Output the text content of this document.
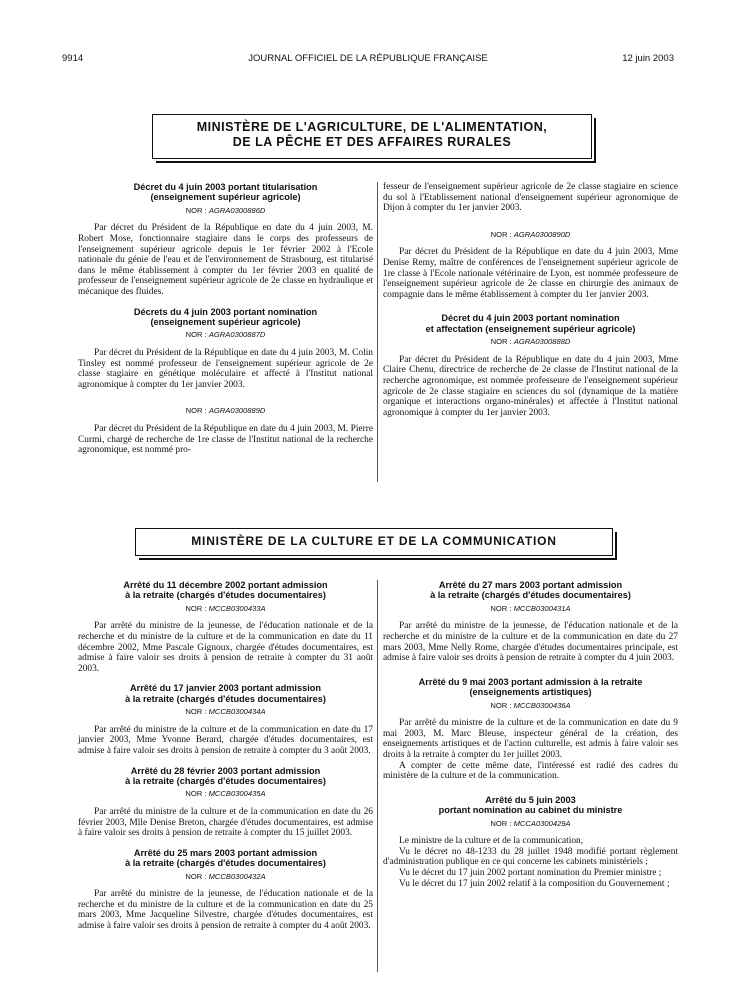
9914	JOURNAL OFFICIEL DE LA RÉPUBLIQUE FRANÇAISE	12 juin 2003
MINISTÈRE DE L'AGRICULTURE, DE L'ALIMENTATION,
DE LA PÊCHE ET DES AFFAIRES RURALES
Décret du 4 juin 2003 portant titularisation
(enseignement supérieur agricole)
NOR : AGRA0300886D

Par décret du Président de la République en date du 4 juin 2003, M. Robert Mose, fonctionnaire stagiaire dans le corps des professeurs de l'enseignement supérieur agricole depuis le 1er février 2002 à l'Ecole nationale du génie de l'eau et de l'environnement de Strasbourg, est titularisé dans le même établissement à compter du 1er février 2003 en qualité de professeur de l'enseignement supérieur agricole de 2e classe en hydraulique et mécanique des fluides.

Décrets du 4 juin 2003 portant nomination
(enseignement supérieur agricole)
NOR : AGRA0300887D

Par décret du Président de la République en date du 4 juin 2003, M. Colin Tinsley est nommé professeur de l'enseignement supérieur agricole de 2e classe stagiaire en génétique moléculaire et affecté à l'Institut national agronomique à compter du 1er janvier 2003.

NOR : AGRA0300889D

Par décret du Président de la République en date du 4 juin 2003, M. Pierre Curmi, chargé de recherche de 1re classe de l'Institut national de la recherche agronomique, est nommé pro-

fesseur de l'enseignement supérieur agricole de 2e classe stagiaire en science du sol à l'Etablissement national d'enseignement supérieur agronomique de Dijon à compter du 1er janvier 2003.

NOR : AGRA0300890D

Par décret du Président de la République en date du 4 juin 2003, Mme Denise Remy, maître de conférences de l'enseignement supérieur agricole de 1re classe à l'Ecole nationale vétérinaire de Lyon, est nommée professeure de l'enseignement supérieur agricole de 2e classe en chirurgie des animaux de compagnie dans le même établissement à compter du 1er janvier 2003.

Décret du 4 juin 2003 portant nomination
et affectation (enseignement supérieur agricole)
NOR : AGRA0300888D

Par décret du Président de la République en date du 4 juin 2003, Mme Claire Chenu, directrice de recherche de 2e classe de l'Institut national de la recherche agronomique, est nommée professeure de l'enseignement supérieur agricole de 2e classe stagiaire en sciences du sol (dynamique de la matière organique et interactions organo-minérales) et affectée à l'Institut national agronomique à compter du 1er janvier 2003.

MINISTÈRE DE LA CULTURE ET DE LA COMMUNICATION
Arrêté du 11 décembre 2002 portant admission
à la retraite (chargés d'études documentaires)
NOR : MCCB0300433A

Par arrêté du ministre de la jeunesse, de l'éducation nationale et de la recherche et du ministre de la culture et de la communication en date du 11 décembre 2002, Mme Pascale Gignoux, chargée d'études documentaires, est admise à faire valoir ses droits à pension de retraite à compter du 31 août 2003.

Arrêté du 17 janvier 2003 portant admission
à la retraite (chargés d'études documentaires)
NOR : MCCB0300434A

Par arrêté du ministre de la culture et de la communication en date du 17 janvier 2003, Mme Yvonne Berard, chargée d'études documentaires, est admise à faire valoir ses droits à pension de retraite à compter du 3 août 2003.

Arrêté du 28 février 2003 portant admission
à la retraite (chargés d'études documentaires)
NOR : MCCB0300435A

Par arrêté du ministre de la culture et de la communication en date du 26 février 2003, Mlle Denise Breton, chargée d'études documentaires, est admise à faire valoir ses droits à pension de retraite à compter du 15 juillet 2003.

Arrêté du 25 mars 2003 portant admission
à la retraite (chargés d'études documentaires)
NOR : MCCB0300432A

Par arrêté du ministre de la jeunesse, de l'éducation nationale et de la recherche et du ministre de la culture et de la communication en date du 25 mars 2003, Mme Jacqueline Silvestre, chargée d'études documentaires, est admise à faire valoir ses droits à pension de retraite à compter du 4 août 2003.

Arrêté du 27 mars 2003 portant admission
à la retraite (chargés d'études documentaires)
NOR : MCCB0300431A

Par arrêté du ministre de la jeunesse, de l'éducation nationale et de la recherche et du ministre de la culture et de la communication en date du 27 mars 2003, Mme Nelly Rome, chargée d'études documentaires principale, est admise à faire valoir ses droits à pension de retraite à compter du 4 juin 2003.

Arrêté du 9 mai 2003 portant admission à la retraite
(enseignements artistiques)
NOR : MCCB0300436A

Par arrêté du ministre de la culture et de la communication en date du 9 mai 2003, M. Marc Bleuse, inspecteur général de la création, des enseignements artistiques et de l'action culturelle, est admis à faire valoir ses droits à la retraite à compter du 1er juillet 2003.

A compter de cette même date, l'intéressé est radié des cadres du ministère de la culture et de la communication.

Arrêté du 5 juin 2003
portant nomination au cabinet du ministre
NOR : MCCA0300429A

Le ministre de la culture et de la communication,

Vu le décret no 48-1233 du 28 juillet 1948 modifié portant règlement d'administration publique en ce qui concerne les cabinets ministériels ;

Vu le décret du 17 juin 2002 portant nomination du Premier ministre ;

Vu le décret du 17 juin 2002 relatif à la composition du Gouvernement ;
